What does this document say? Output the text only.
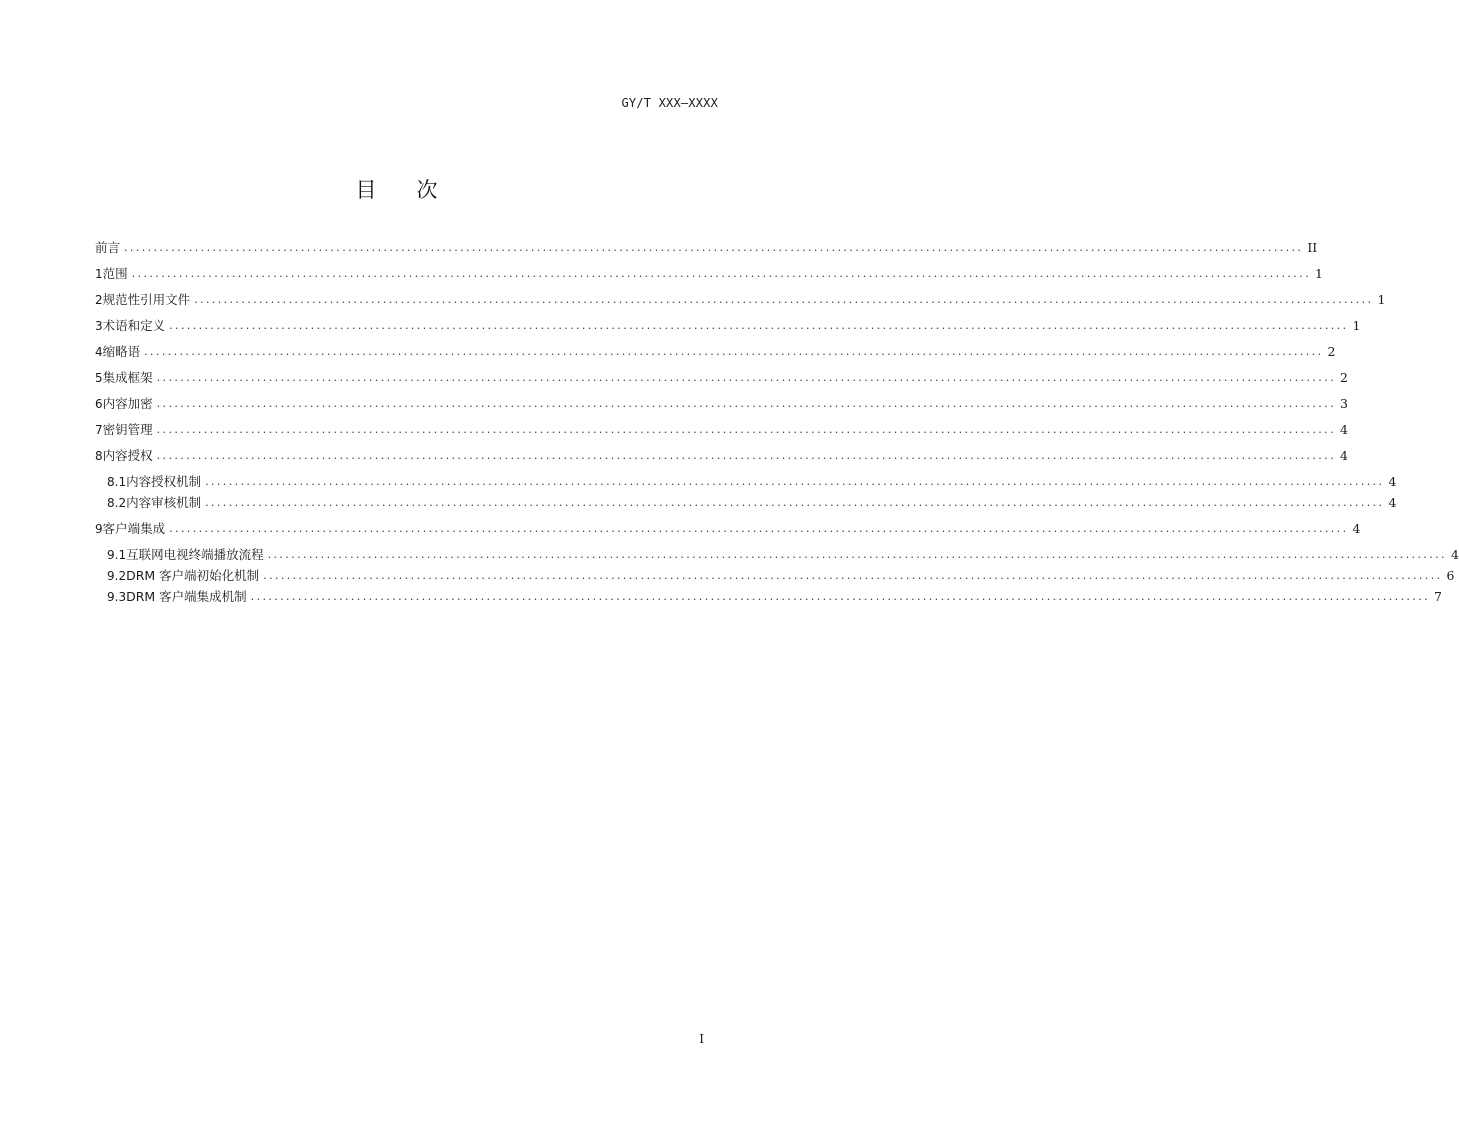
GY/T XXX—XXXX
目次
前言 ........................................................................................................................................................................................................ II
1 范围 ........................................................................................................................................................................................................ 1
2 规范性引用文件 ........................................................................................................................................................................................................ 1
3 术语和定义 ........................................................................................................................................................................................................ 1
4 缩略语 ........................................................................................................................................................................................................ 2
5 集成框架 ........................................................................................................................................................................................................ 2
6 内容加密 ........................................................................................................................................................................................................ 3
7 密钥管理 ........................................................................................................................................................................................................ 4
8 内容授权 ........................................................................................................................................................................................................ 4
8.1 内容授权机制 ........................................................................................................................................................................................................ 4
8.2 内容审核机制 ........................................................................................................................................................................................................ 4
9 客户端集成 ........................................................................................................................................................................................................ 4
9.1 互联网电视终端播放流程 ........................................................................................................................................................................................................ 4
9.2 DRM 客户端初始化机制 ........................................................................................................................................................................................................ 6
9.3 DRM 客户端集成机制 ........................................................................................................................................................................................................ 7
I
